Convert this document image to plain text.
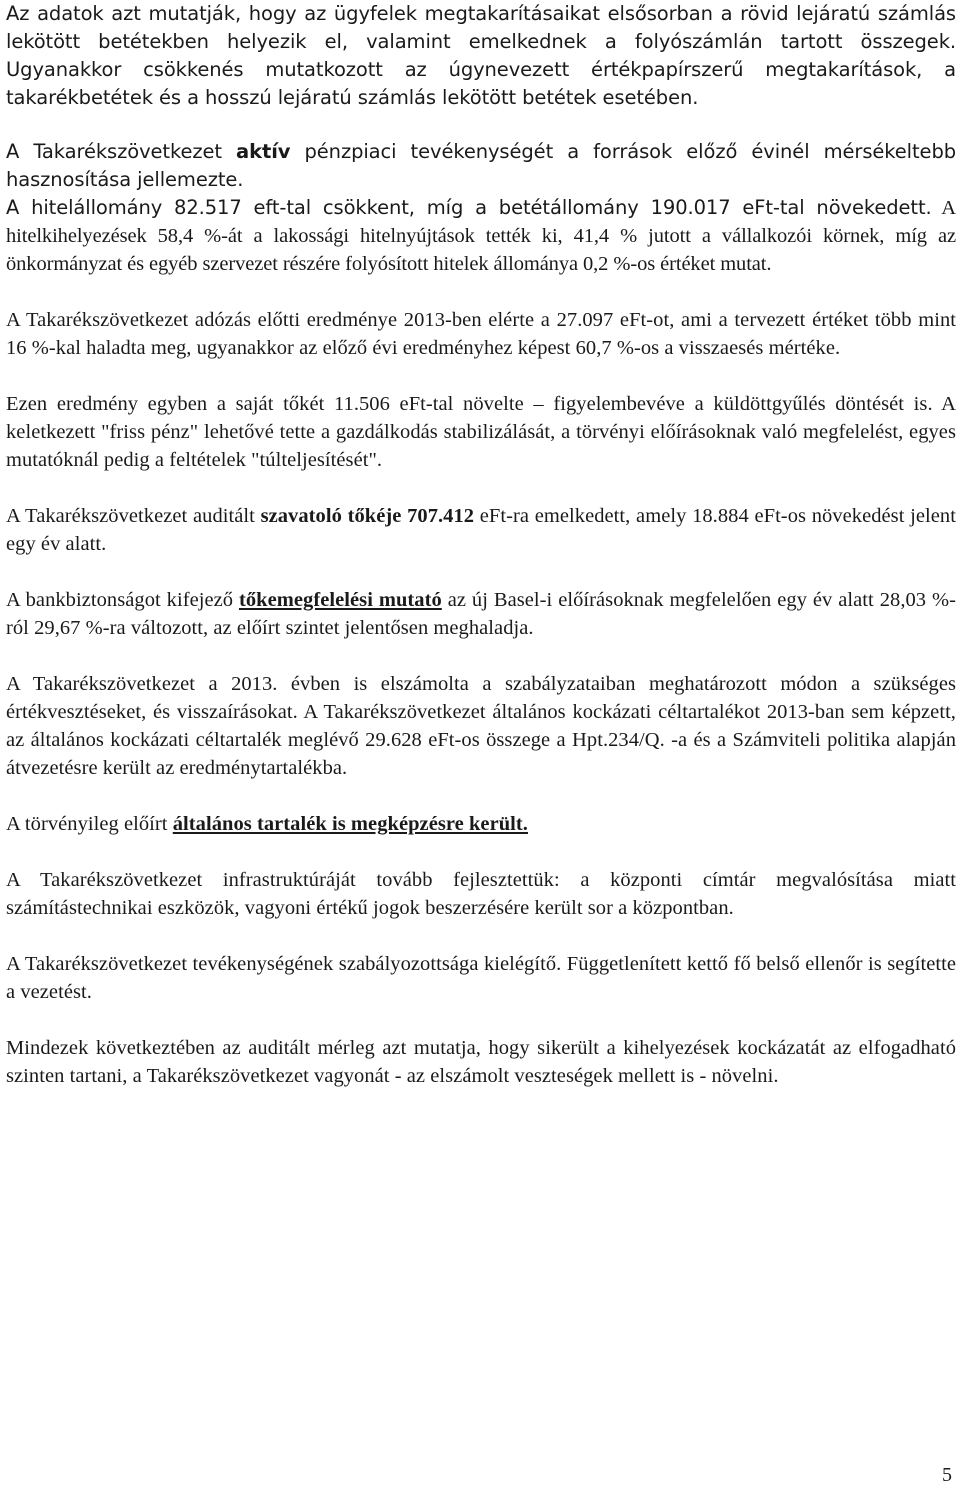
Az adatok azt mutatják, hogy az ügyfelek megtakarításaikat elsősorban a rövid lejáratú számlás lekötött betétekben helyezik el, valamint emelkednek a folyószámlán tartott összegek. Ugyanakkor csökkenés mutatkozott az úgynevezett értékpapírszerű megtakarítások, a takarékbetétek és a hosszú lejáratú számlás lekötött betétek esetében.

A Takarékszövetkezet aktív pénzpiaci tevékenységét a források előző évinél mérsékeltebb hasznosítása jellemezte.
A hitelállomány 82.517 eft-tal csökkent, míg a betétállomány 190.017 eFt-tal növekedett. A hitelkihelyezések 58,4 %-át a lakossági hitelnyújtások tették ki, 41,4 % jutott a vállalkozói körnek, míg az önkormányzat és egyéb szervezet részére folyósított hitelek állománya 0,2 %-os értéket mutat.

A Takarékszövetkezet adózás előtti eredménye 2013-ben elérte a 27.097 eFt-ot, ami a tervezett értéket több mint 16 %-kal haladta meg, ugyanakkor az előző évi eredményhez képest 60,7 %-os a visszaesés mértéke.

Ezen eredmény egyben a saját tőkét 11.506 eFt-tal növelte – figyelembevéve a küldöttgyűlés döntését is. A keletkezett "friss pénz" lehetővé tette a gazdálkodás stabilizálását, a törvényi előírásoknak való megfelelést, egyes mutatóknál pedig a feltételek "túlteljesítését".

A Takarékszövetkezet auditált szavatoló tőkéje 707.412 eFt-ra emelkedett, amely 18.884 eFt-os növekedést jelent egy év alatt.

A bankbiztonságot kifejező tőkemegfelelési mutató az új Basel-i előírásoknak megfelelően egy év alatt 28,03 %-ról 29,67 %-ra változott, az előírt szintet jelentősen meghaladja.

A Takarékszövetkezet a 2013. évben is elszámolta a szabályzataiban meghatározott módon a szükséges értékvesztéseket, és visszaírásokat. A Takarékszövetkezet általános kockázati céltartalékot 2013-ban sem képzett, az általános kockázati céltartalék meglévő 29.628 eFt-os összege a Hpt.234/Q. -a és a Számviteli politika alapján átvezetésre került az eredménytartalékba.

A törvényileg előírt általános tartalék is megképzésre került.

A Takarékszövetkezet infrastruktúráját tovább fejlesztettük: a központi címtár megvalósítása miatt számítástechnikai eszközök, vagyoni értékű jogok beszerzésére került sor a központban.

A Takarékszövetkezet tevékenységének szabályozottsága kielégítő. Függetlenített kettő fő belső ellenőr is segítette a vezetést.

Mindezek következtében az auditált mérleg azt mutatja, hogy sikerült a kihelyezések kockázatát az elfogadható szinten tartani, a Takarékszövetkezet vagyonát - az elszámolt veszteségek mellett is - növelni.

5
